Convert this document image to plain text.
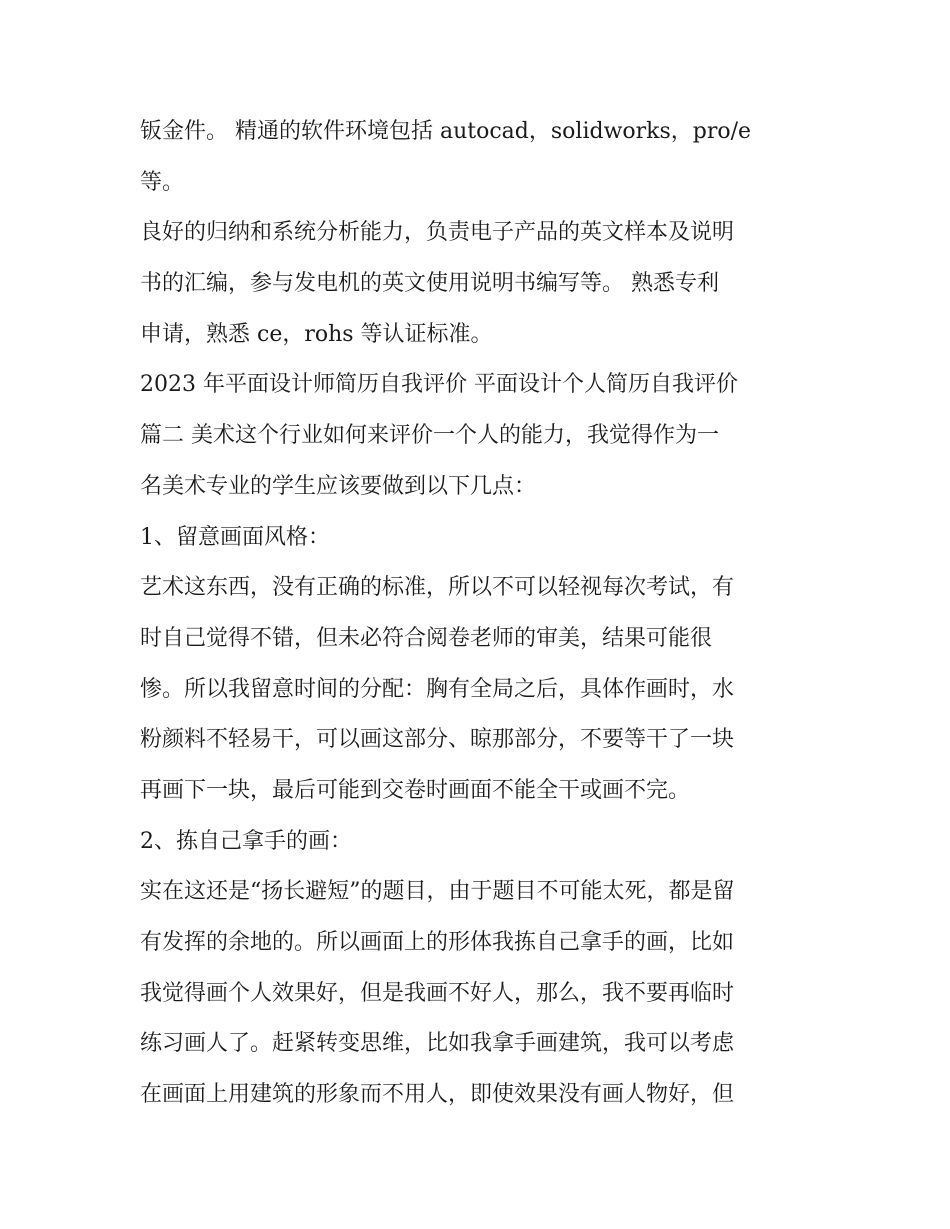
钣金件。 精通的软件环境包括 autocad，solidworks，pro/e
等。
良好的归纳和系统分析能力，负责电子产品的英文样本及说明
书的汇编，参与发电机的英文使用说明书编写等。 熟悉专利
申请，熟悉 ce，rohs 等认证标准。
2023 年平面设计师简历自我评价 平面设计个人简历自我评价
篇二 美术这个行业如何来评价一个人的能力，我觉得作为一
名美术专业的学生应该要做到以下几点：
1、留意画面风格：
艺术这东西，没有正确的标准，所以不可以轻视每次考试，有
时自己觉得不错，但未必符合阅卷老师的审美，结果可能很
惨。所以我留意时间的分配：胸有全局之后，具体作画时，水
粉颜料不轻易干，可以画这部分、晾那部分，不要等干了一块
再画下一块，最后可能到交卷时画面不能全干或画不完。
2、拣自己拿手的画：
实在这还是“扬长避短”的题目，由于题目不可能太死，都是留
有发挥的余地的。所以画面上的形体我拣自己拿手的画，比如
我觉得画个人效果好，但是我画不好人，那么，我不要再临时
练习画人了。赶紧转变思维，比如我拿手画建筑，我可以考虑
在画面上用建筑的形象而不用人，即使效果没有画人物好，但
